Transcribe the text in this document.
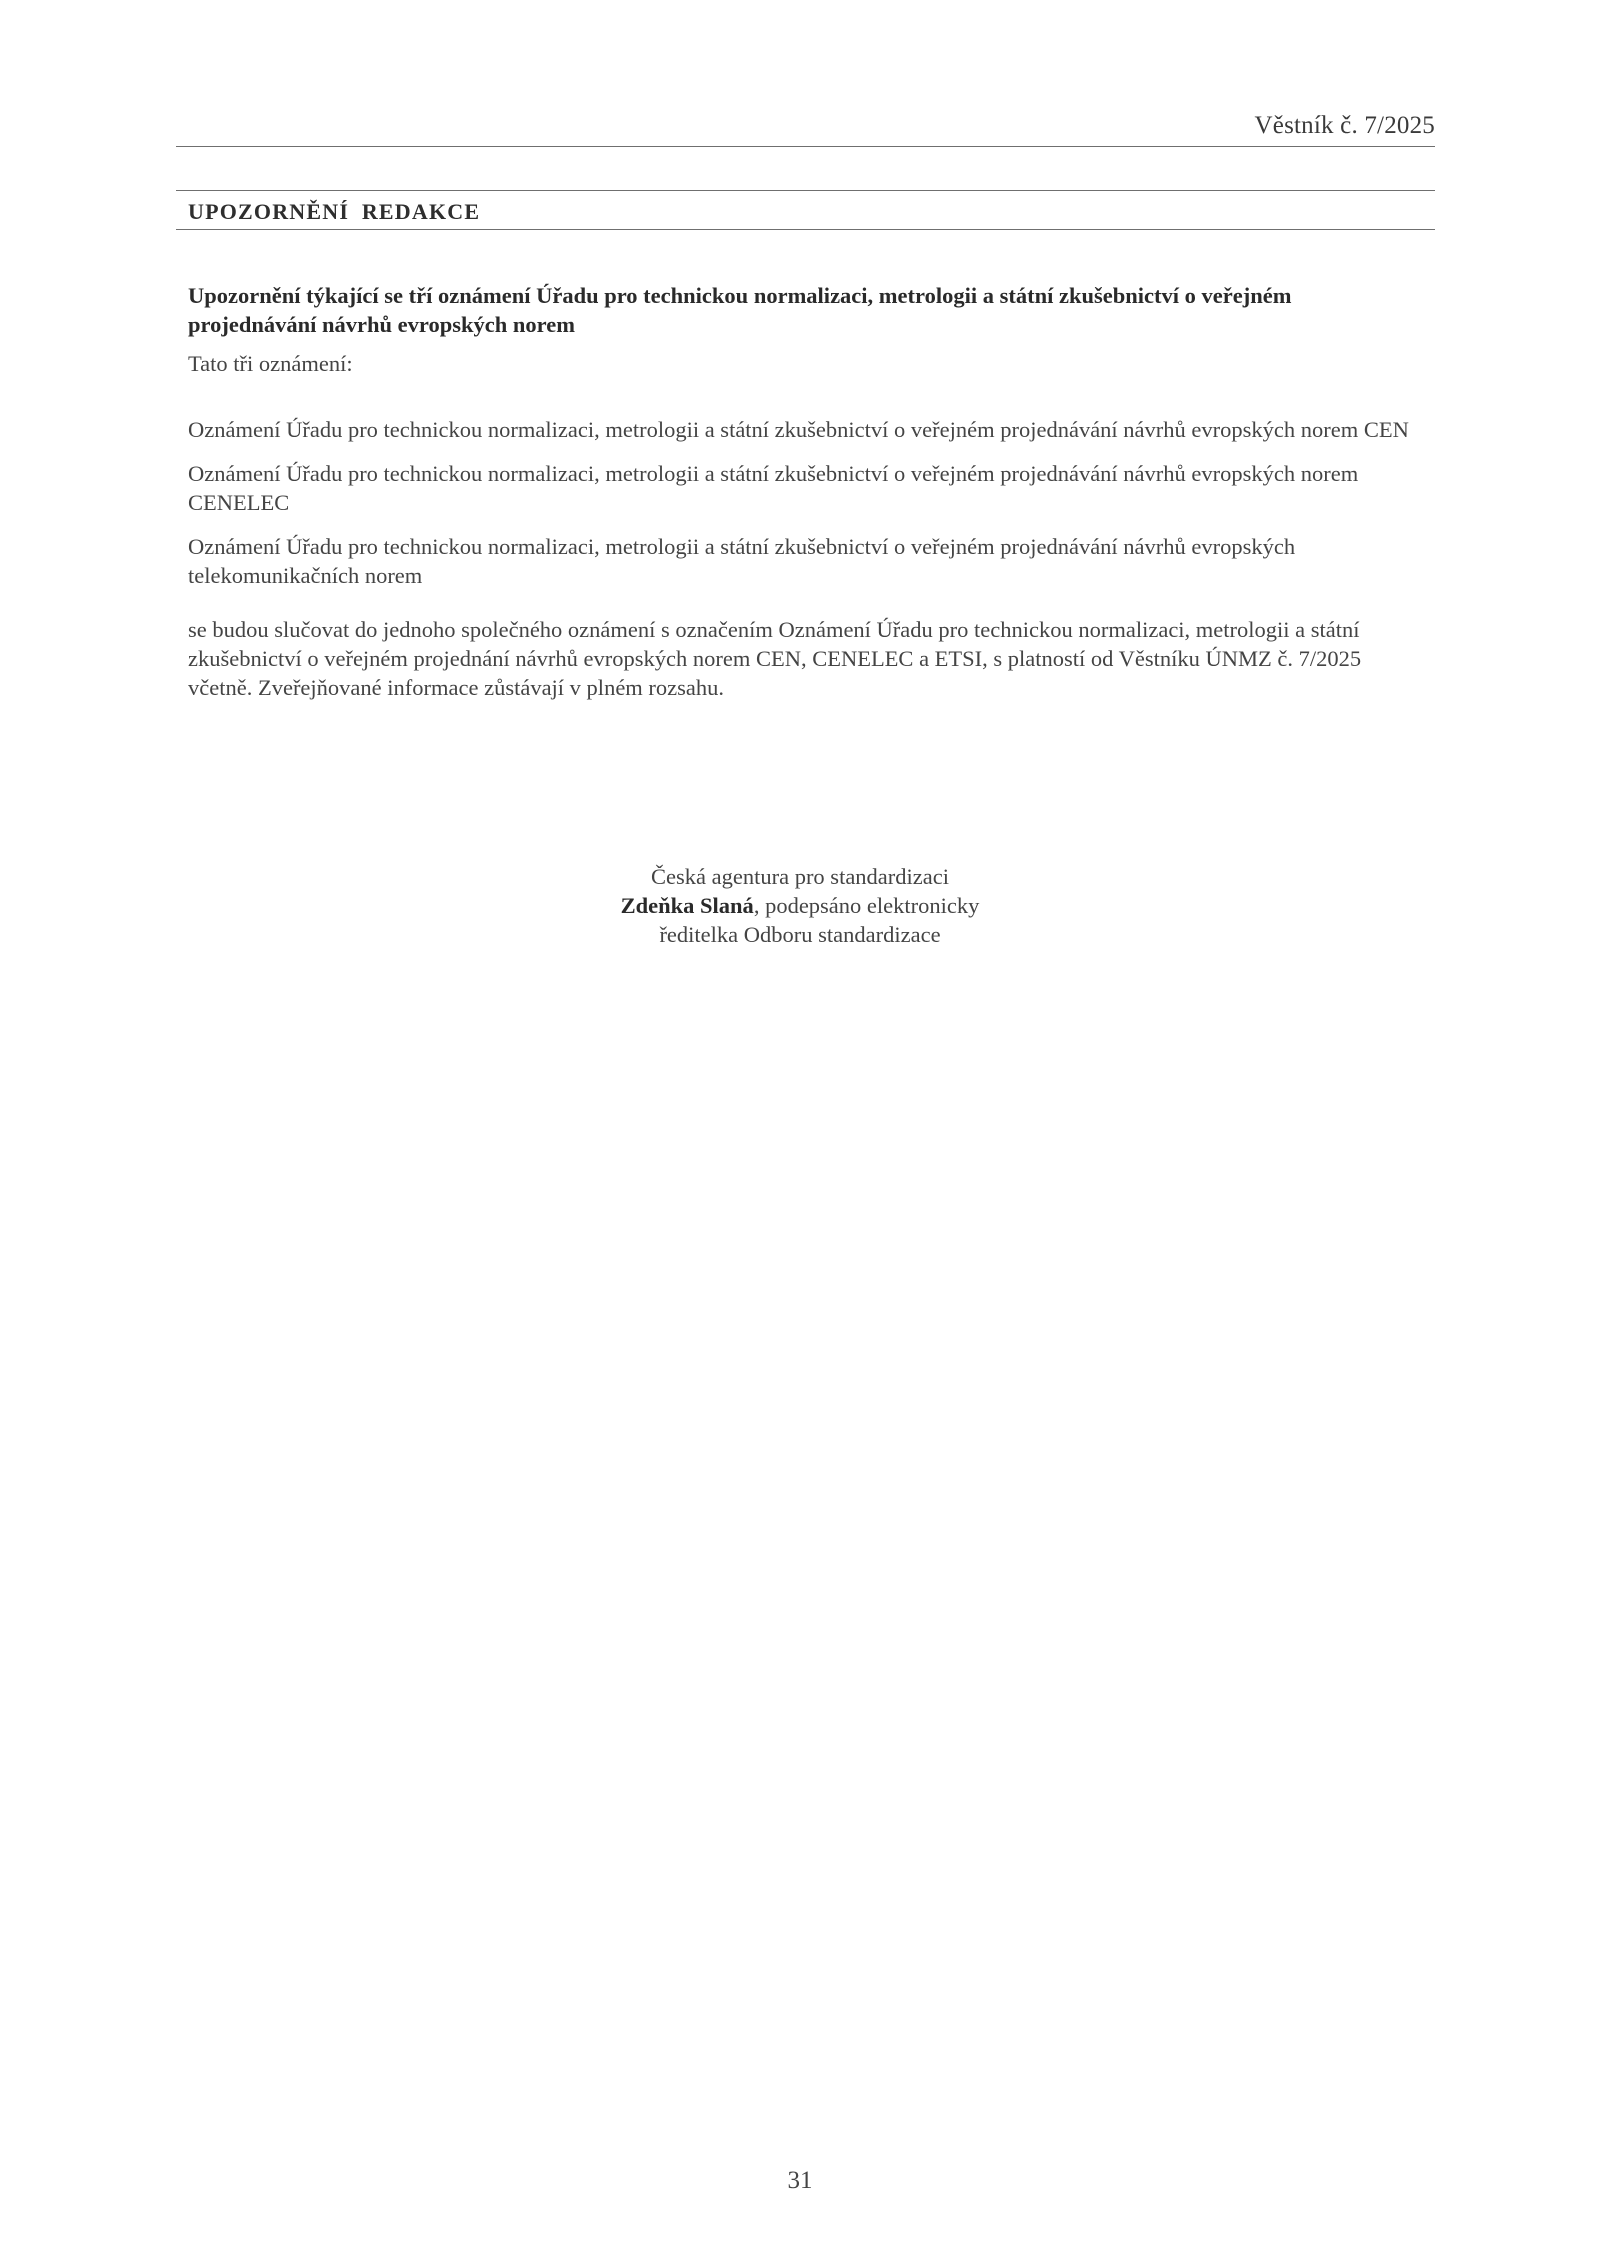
Věstník č. 7/2025
UPOZORNĚNÍ REDAKCE

Upozornění týkající se tří oznámení Úřadu pro technickou normalizaci, metrologii a státní zkušebnictví o veřejném projednávání návrhů evropských norem

Tato tři oznámení:

Oznámení Úřadu pro technickou normalizaci, metrologii a státní zkušebnictví o veřejném projednávání návrhů evropských norem CEN
Oznámení Úřadu pro technickou normalizaci, metrologii a státní zkušebnictví o veřejném projednávání návrhů evropských norem CENELEC
Oznámení Úřadu pro technickou normalizaci, metrologii a státní zkušebnictví o veřejném projednávání návrhů evropských telekomunikačních norem

se budou slučovat do jednoho společného oznámení s označením Oznámení Úřadu pro technickou normalizaci, metrologii a státní zkušebnictví o veřejném projednání návrhů evropských norem CEN, CENELEC a ETSI, s platností od Věstníku ÚNMZ č. 7/2025 včetně. Zveřejňované informace zůstávají v plném rozsahu.

Česká agentura pro standardizaci
Zdeňka Slaná, podepsáno elektronicky
ředitelka Odboru standardizace
31
